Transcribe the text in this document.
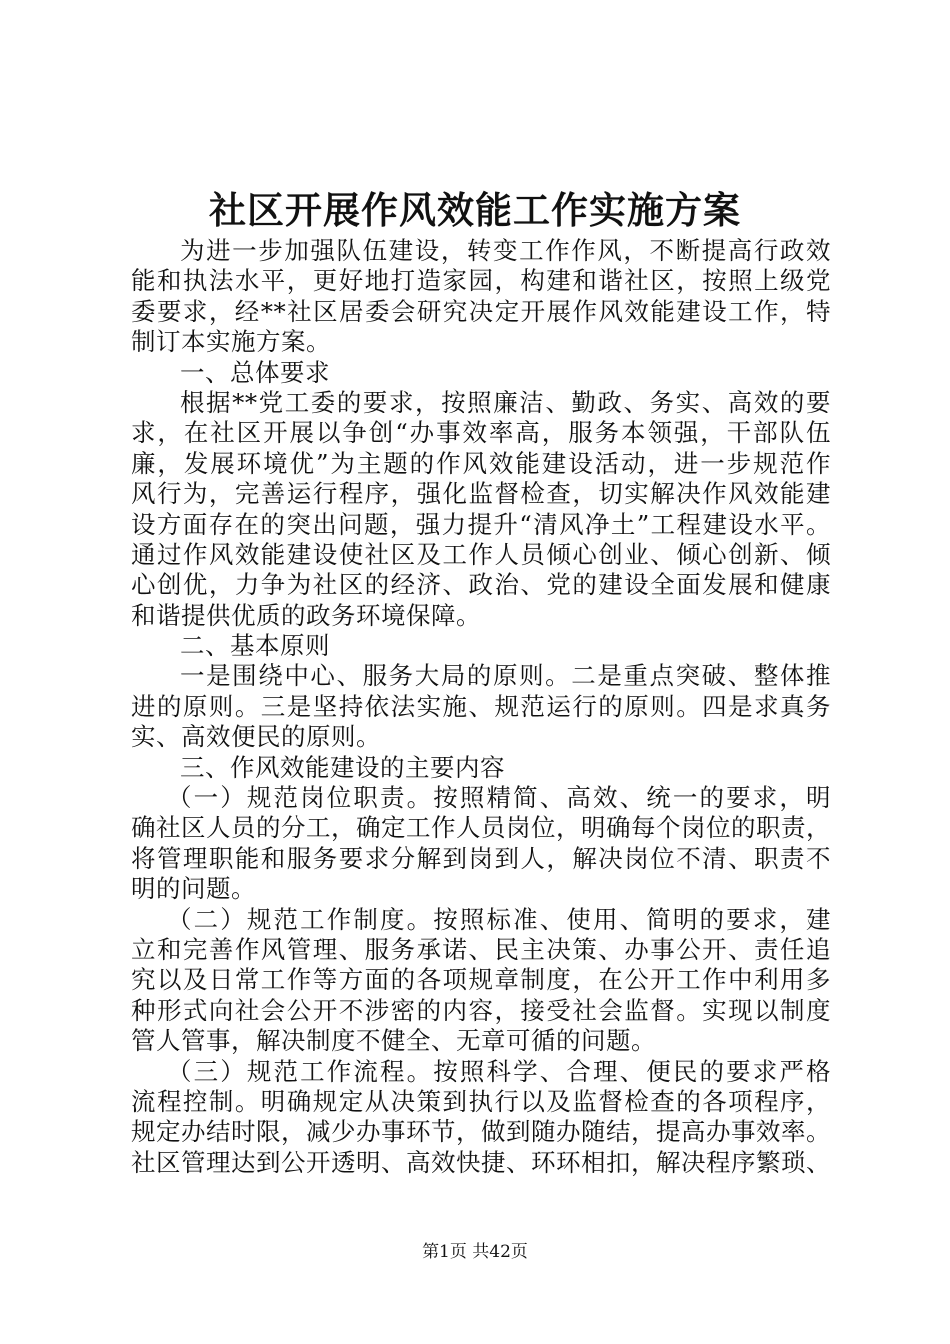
社区开展作风效能工作实施方案
为进一步加强队伍建设，转变工作作风，不断提高行政效
能和执法水平，更好地打造家园，构建和谐社区，按照上级党
委要求，经**社区居委会研究决定开展作风效能建设工作，特
制订本实施方案。
一、总体要求
根据**党工委的要求，按照廉洁、勤政、务实、高效的要
求，在社区开展以争创“办事效率高，服务本领强，干部队伍
廉，发展环境优”为主题的作风效能建设活动，进一步规范作
风行为，完善运行程序，强化监督检查，切实解决作风效能建
设方面存在的突出问题，强力提升“清风净土”工程建设水平。
通过作风效能建设使社区及工作人员倾心创业、倾心创新、倾
心创优，力争为社区的经济、政治、党的建设全面发展和健康
和谐提供优质的政务环境保障。
二、基本原则
一是围绕中心、服务大局的原则。二是重点突破、整体推
进的原则。三是坚持依法实施、规范运行的原则。四是求真务
实、高效便民的原则。
三、作风效能建设的主要内容
（一）规范岗位职责。按照精简、高效、统一的要求，明
确社区人员的分工，确定工作人员岗位，明确每个岗位的职责，
将管理职能和服务要求分解到岗到人，解决岗位不清、职责不
明的问题。
（二）规范工作制度。按照标准、使用、简明的要求，建
立和完善作风管理、服务承诺、民主决策、办事公开、责任追
究以及日常工作等方面的各项规章制度，在公开工作中利用多
种形式向社会公开不涉密的内容，接受社会监督。实现以制度
管人管事，解决制度不健全、无章可循的问题。
（三）规范工作流程。按照科学、合理、便民的要求严格
流程控制。明确规定从决策到执行以及监督检查的各项程序，
规定办结时限，减少办事环节，做到随办随结，提高办事效率。
社区管理达到公开透明、高效快捷、环环相扣，解决程序繁琐、
第1页 共42页
